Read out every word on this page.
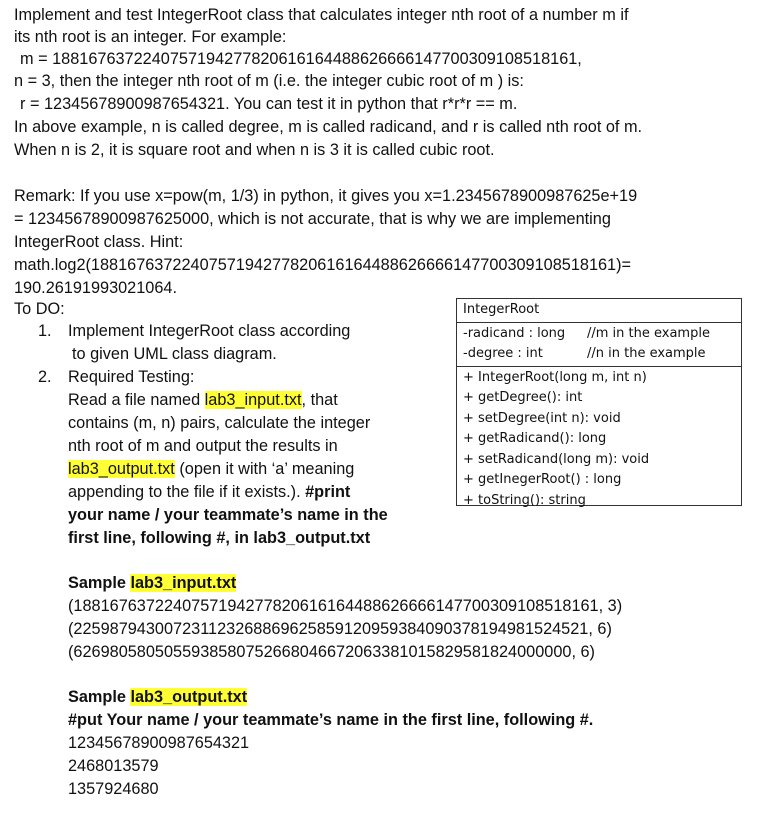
Implement and test IntegerRoot class that calculates integer nth root of a number m if
its nth root is an integer. For example:
m = 1881676372240757194277820616164488626666147700309108518161,
n = 3, then the integer nth root of m (i.e. the integer cubic root of m ) is:
r = 12345678900987654321. You can test it in python that r*r*r == m.
In above example, n is called degree, m is called radicand, and r is called nth root of m.
When n is 2, it is square root and when n is 3 it is called cubic root.
Remark: If you use x=pow(m, 1/3) in python, it gives you x=1.2345678900987625e+19
= 12345678900987625000, which is not accurate, that is why we are implementing
IntegerRoot class. Hint:
math.log2(1881676372240757194277820616164488626666147700309108518161)=
190.26191993021064.
To DO:
1. Implement IntegerRoot class according
to given UML class diagram.
2. Required Testing:
Read a file named lab3_input.txt, that
contains (m, n) pairs, calculate the integer
nth root of m and output the results in
lab3_output.txt (open it with ‘a’ meaning
appending to the file if it exists.). #print
your name / your teammate’s name in the
first line, following #, in lab3_output.txt
IntegerRoot
-radicand : long //m in the example
-degree : int	//n in the example
+ IntegerRoot(long m, int n)
+ getDegree(): int
+ setDegree(int n): void
+ getRadicand(): long
+ setRadicand(long m): void
+ getInegerRoot() : long
+ toString(): string
Sample lab3_input.txt
(1881676372240757194277820616164488626666147700309108518161, 3)
(2259879430072311232688696258591209593840903781949815245​21, 6)
(6269805805055938580752668046672063381015829581824000000, 6)
Sample lab3_output.txt
#put Your name / your teammate’s name in the first line, following #.
12345678900987654321
2468013579
1357924680
